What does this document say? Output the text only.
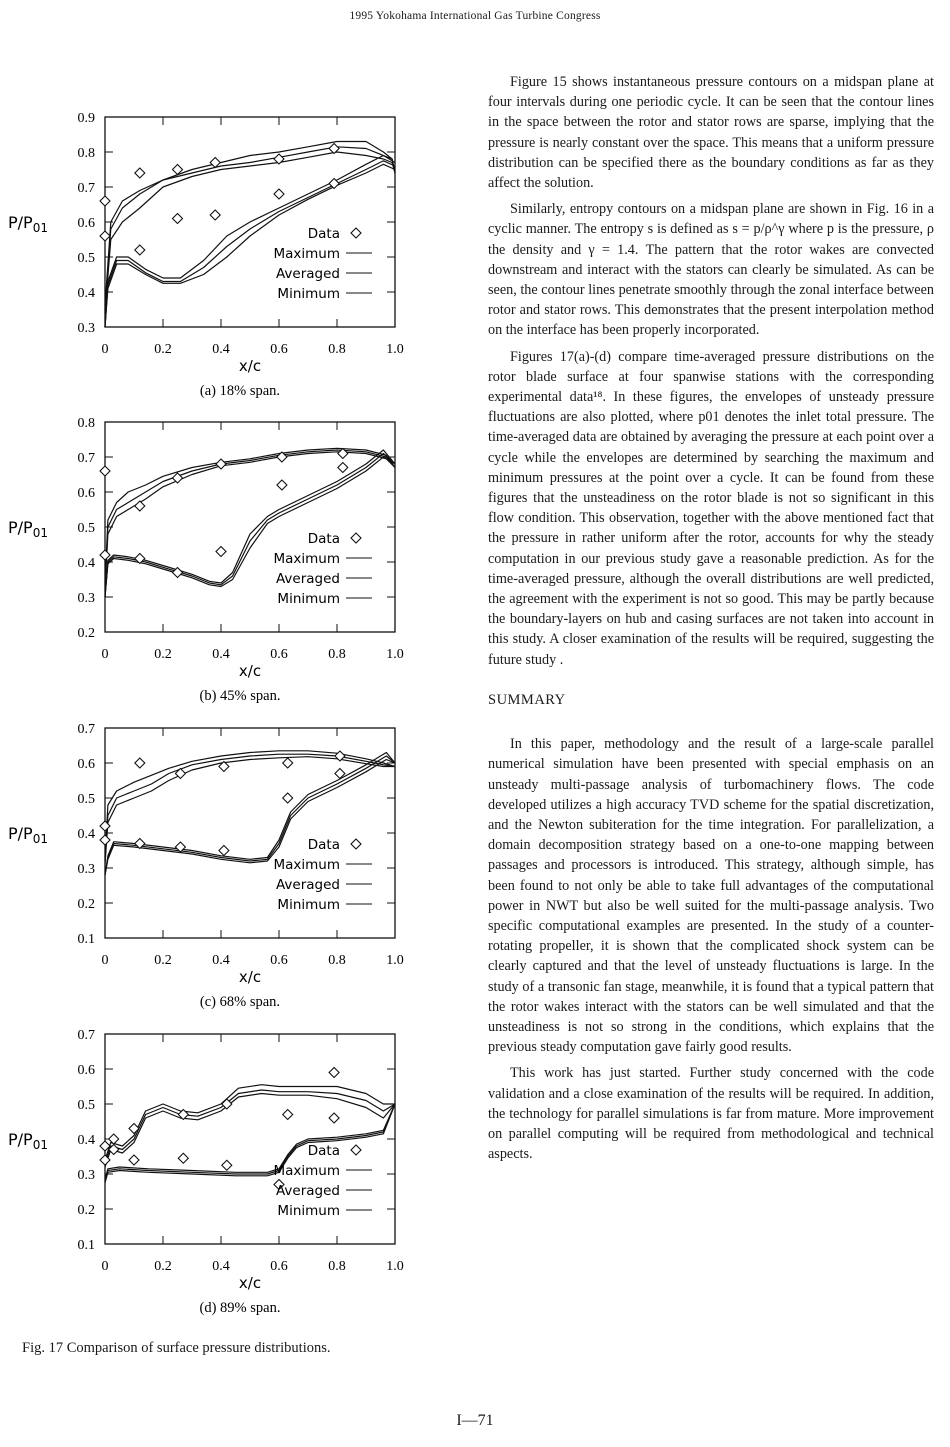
1995 Yokohama International Gas Turbine Congress
0	0.2	0.4	0.6	0.8	1.0
0.3
0.4
0.5
0.6
0.7
0.8
0.9
$P/P_{01}$
x/c
(a) 18% span.
Data
Maximum
Averaged
Minimum
0	0.2	0.4	0.6	0.8	1.0
0.2
0.3
0.4
0.5
0.6
0.7
0.8
$P/P_{01}$
x/c
(b) 45% span.
Data
Maximum
Averaged
Minimum
0	0.2	0.4	0.6	0.8	1.0
0.1
0.2
0.3
0.4
0.5
0.6
0.7
$P/P_{01}$
x/c
(c) 68% span.
Data
Maximum
Averaged
Minimum
0	0.2	0.4	0.6	0.8	1.0
0.1
0.2
0.3
0.4
0.5
0.6
0.7
$P/P_{01}$
x/c
(d) 89% span.
Data
Maximum
Averaged
Minimum
Fig. 17 Comparison of surface pressure distributions.

Figure 15 shows instantaneous pressure contours on a midspan plane at four intervals during one periodic cycle. It can be seen that the contour lines in the space between the rotor and stator rows are sparse, implying that the pressure is nearly constant over the space. This means that a uniform pressure distribution can be specified there as the boundary conditions as far as they affect the solution.

Similarly, entropy contours on a midspan plane are shown in Fig. 16 in a cyclic manner. The entropy s is defined as s = p/ρ^γ where p is the pressure, ρ the density and γ = 1.4. The pattern that the rotor wakes are convected downstream and interact with the stators can clearly be simulated. As can be seen, the contour lines penetrate smoothly through the zonal interface between rotor and stator rows. This demonstrates that the present interpolation method on the interface has been properly incorporated.

Figures 17(a)-(d) compare time-averaged pressure distributions on the rotor blade surface at four spanwise stations with the corresponding experimental data¹⁸. In these figures, the envelopes of unsteady pressure fluctuations are also plotted, where p01 denotes the inlet total pressure. The time-averaged data are obtained by averaging the pressure at each point over a cycle while the envelopes are determined by searching the maximum and minimum pressures at the point over a cycle. It can be found from these figures that the unsteadiness on the rotor blade is not so significant in this flow condition. This observation, together with the above mentioned fact that the pressure in rather uniform after the rotor, accounts for why the steady computation in our previous study gave a reasonable prediction. As for the time-averaged pressure, although the overall distributions are well predicted, the agreement with the experiment is not so good. This may be partly because the boundary-layers on hub and casing surfaces are not taken into account in this study. A closer examination of the results will be required, suggesting the future study .

SUMMARY

In this paper, methodology and the result of a large-scale parallel numerical simulation have been presented with special emphasis on an unsteady multi-passage analysis of turbomachinery flows. The code developed utilizes a high accuracy TVD scheme for the spatial discretization, and the Newton subiteration for the time integration. For parallelization, a domain decomposition strategy based on a one-to-one mapping between passages and processors is introduced. This strategy, although simple, has been found to not only be able to take full advantages of the computational power in NWT but also be well suited for the multi-passage analysis. Two specific computational examples are presented. In the study of a counter-rotating propeller, it is shown that the complicated shock system can be clearly captured and that the level of unsteady fluctuations is large. In the study of a transonic fan stage, meanwhile, it is found that a typical pattern that the rotor wakes interact with the stators can be well simulated and that the unsteadiness is not so strong in the conditions, which explains that the previous steady computation gave fairly good results.

This work has just started. Further study concerned with the code validation and a close examination of the results will be required. In addition, the technology for parallel simulations is far from mature. More improvement on parallel computing will be required from methodological and technical aspects.

I—71
